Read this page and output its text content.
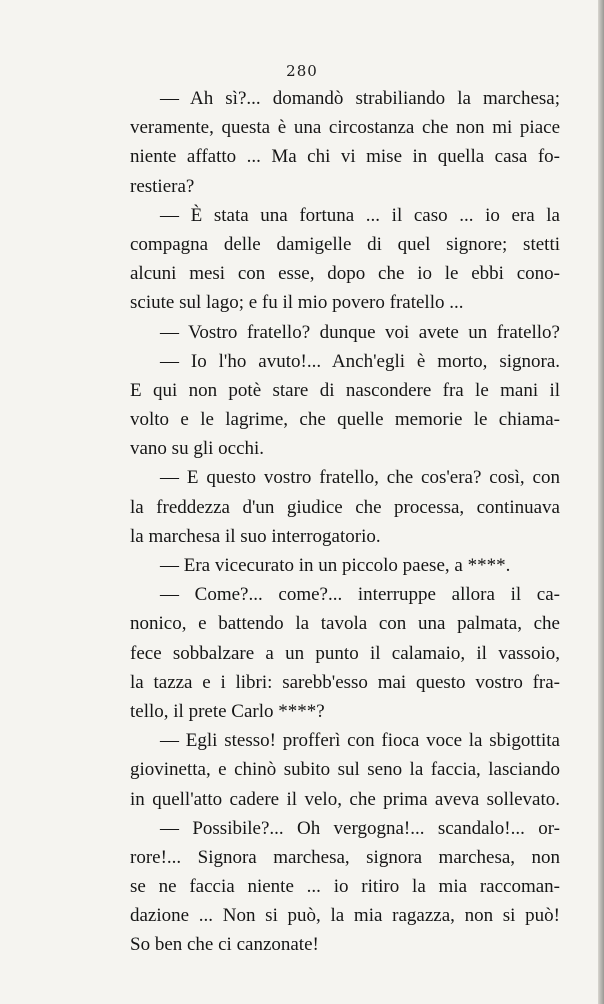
280
— Ah sì?... domandò strabiliando la marchesa;
veramente, questa è una circostanza che non mi piace
niente affatto ... Ma chi vi mise in quella casa fo-
restiera?
— È stata una fortuna ... il caso ... io era la
compagna delle damigelle di quel signore; stetti
alcuni mesi con esse, dopo che io le ebbi cono-
sciute sul lago; e fu il mio povero fratello ...
— Vostro fratello? dunque voi avete un fratello?
— Io l'ho avuto!... Anch'egli è morto, signora.
E qui non potè stare di nascondere fra le mani il
volto e le lagrime, che quelle memorie le chiama-
vano su gli occhi.
— E questo vostro fratello, che cos'era? così, con
la freddezza d'un giudice che processa, continuava
la marchesa il suo interrogatorio.
— Era vicecurato in un piccolo paese, a ****.
— Come?... come?... interruppe allora il ca-
nonico, e battendo la tavola con una palmata, che
fece sobbalzare a un punto il calamaio, il vassoio,
la tazza e i libri: sarebb'esso mai questo vostro fra-
tello, il prete Carlo ****?
— Egli stesso! profferì con fioca voce la sbigottita
giovinetta, e chinò subito sul seno la faccia, lasciando
in quell'atto cadere il velo, che prima aveva sollevato.
— Possibile?... Oh vergogna!... scandalo!... or-
rore!... Signora marchesa, signora marchesa, non
se ne faccia niente ... io ritiro la mia raccoman-
dazione ... Non si può, la mia ragazza, non si può!
So ben che ci canzonate!
